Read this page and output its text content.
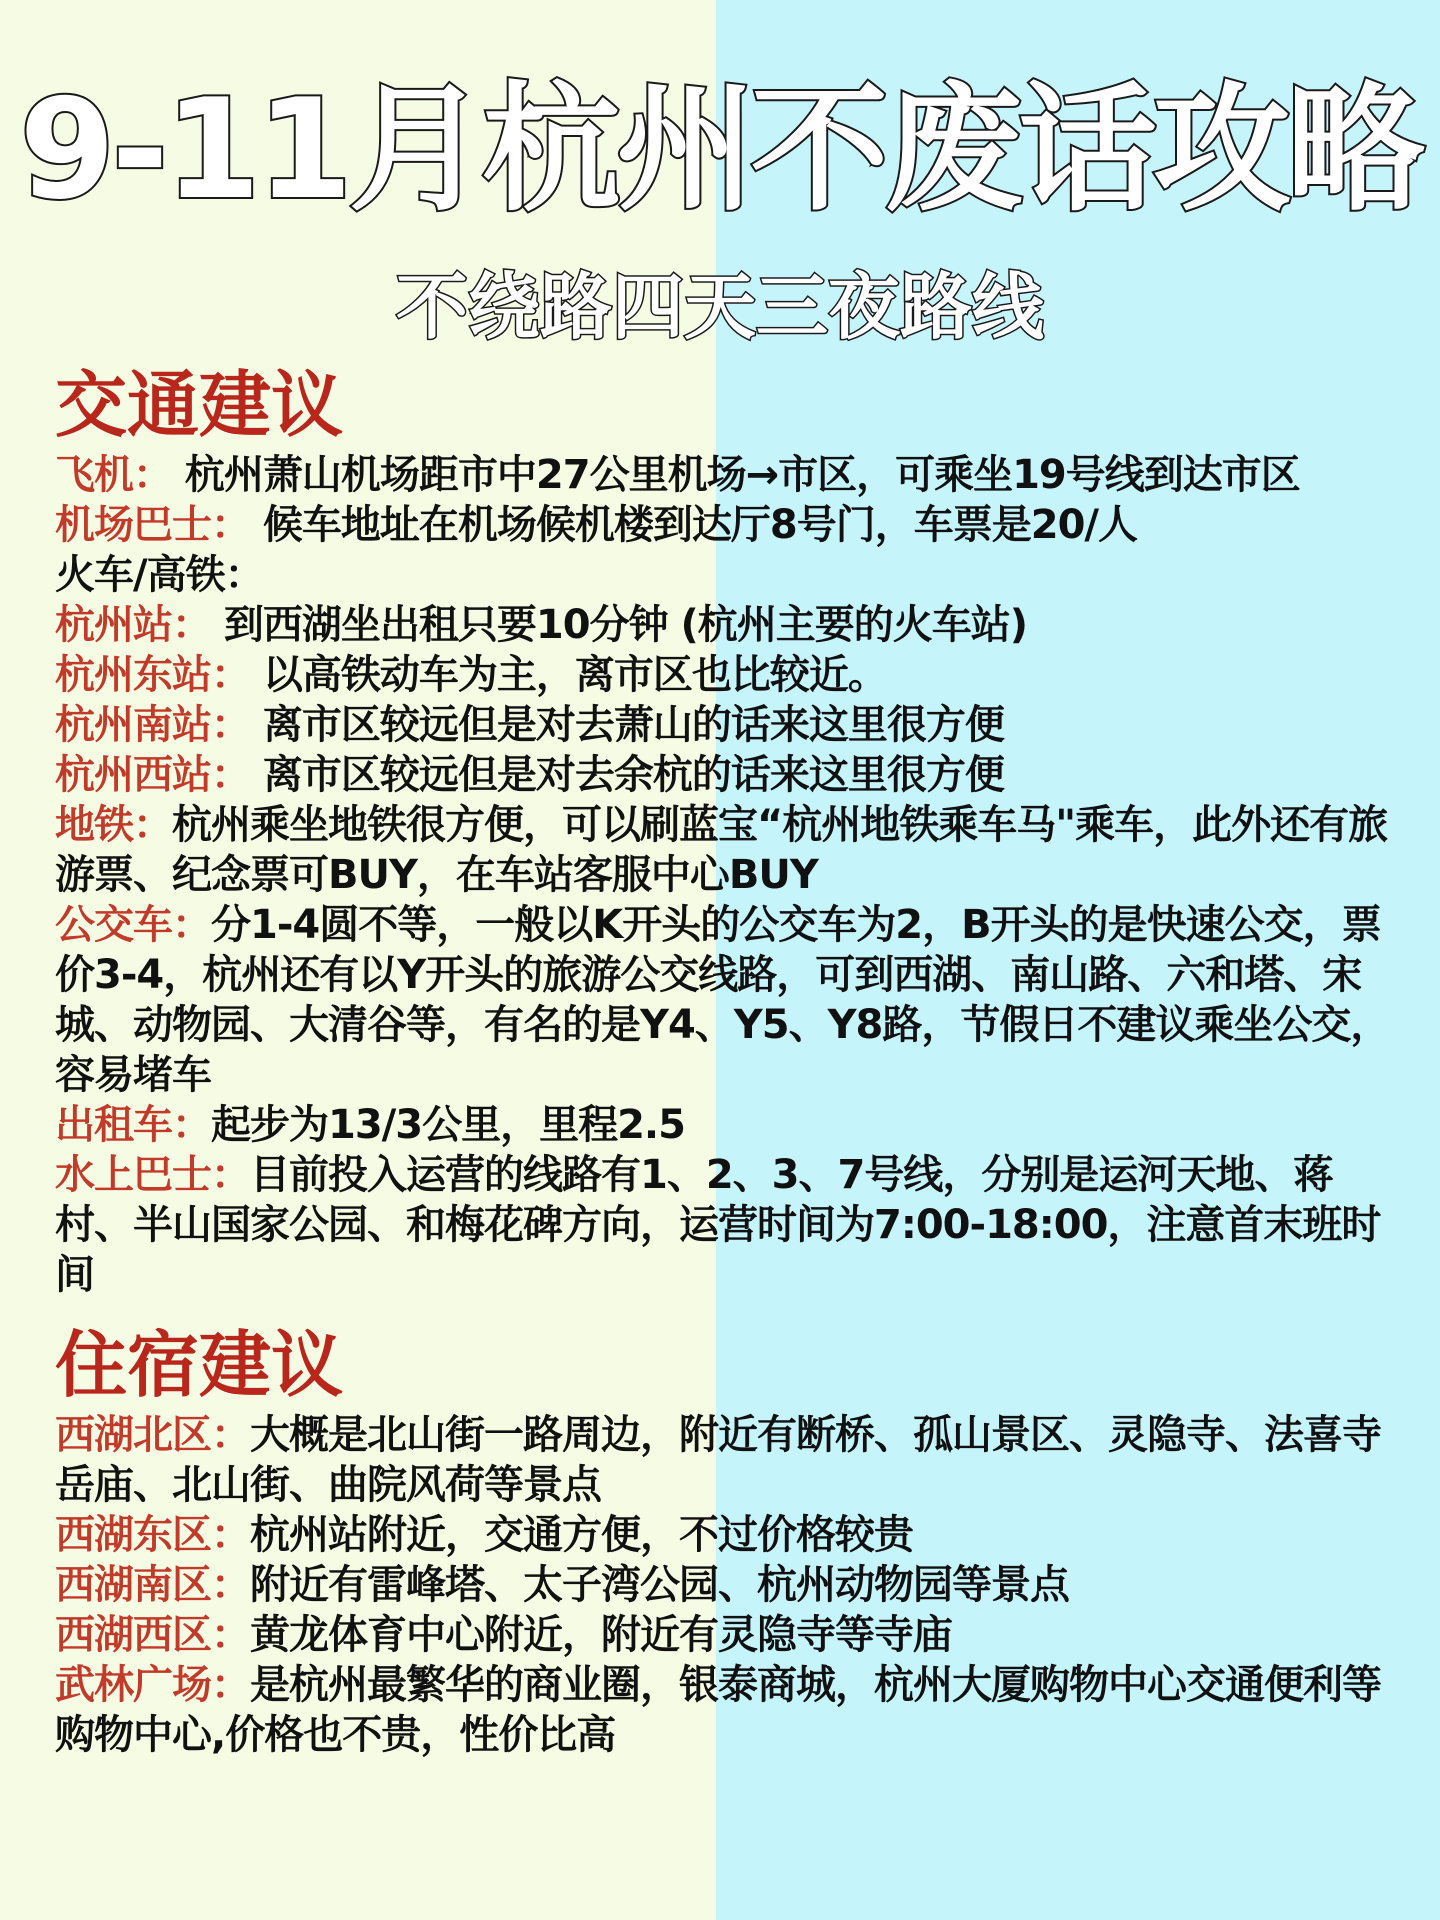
9-11月杭州不废话攻略
不绕路四天三夜路线
交通建议

飞机： 杭州萧山机场距市中27公里机场→市区，可乘坐19号线到达市区

机场巴士： 候车地址在机场候机楼到达厅8号门，车票是20/人

火车/高铁：

杭州站： 到西湖坐出租只要10分钟 (杭州主要的火车站)

杭州东站： 以高铁动车为主，离市区也比较近。

杭州南站： 离市区较远但是对去萧山的话来这里很方便

杭州西站： 离市区较远但是对去余杭的话来这里很方便

地铁：杭州乘坐地铁很方便，可以刷蓝宝“杭州地铁乘车马"乘车，此外还有旅游票、纪念票可BUY，在车站客服中心BUY

公交车：分1-4圆不等，一般以K开头的公交车为2，B开头的是快速公交，票价3-4，杭州还有以Y开头的旅游公交线路，可到西湖、南山路、六和塔、宋城、动物园、大清谷等，有名的是Y4、Y5、Y8路，节假日不建议乘坐公交，容易堵车

出租车：起步为13/3公里，里程2.5

水上巴士：目前投入运营的线路有1、2、3、7号线，分别是运河天地、蒋村、半山国家公园、和梅花碑方向，运营时间为7:00-18:00，注意首末班时间

住宿建议

西湖北区：大概是北山街一路周边，附近有断桥、孤山景区、灵隐寺、法喜寺岳庙、北山街、曲院风荷等景点

西湖东区：杭州站附近，交通方便，不过价格较贵

西湖南区：附近有雷峰塔、太子湾公园、杭州动物园等景点

西湖西区：黄龙体育中心附近，附近有灵隐寺等寺庙

武林广场：是杭州最繁华的商业圈，银泰商城，杭州大厦购物中心交通便利等购物中心,价格也不贵，性价比高
